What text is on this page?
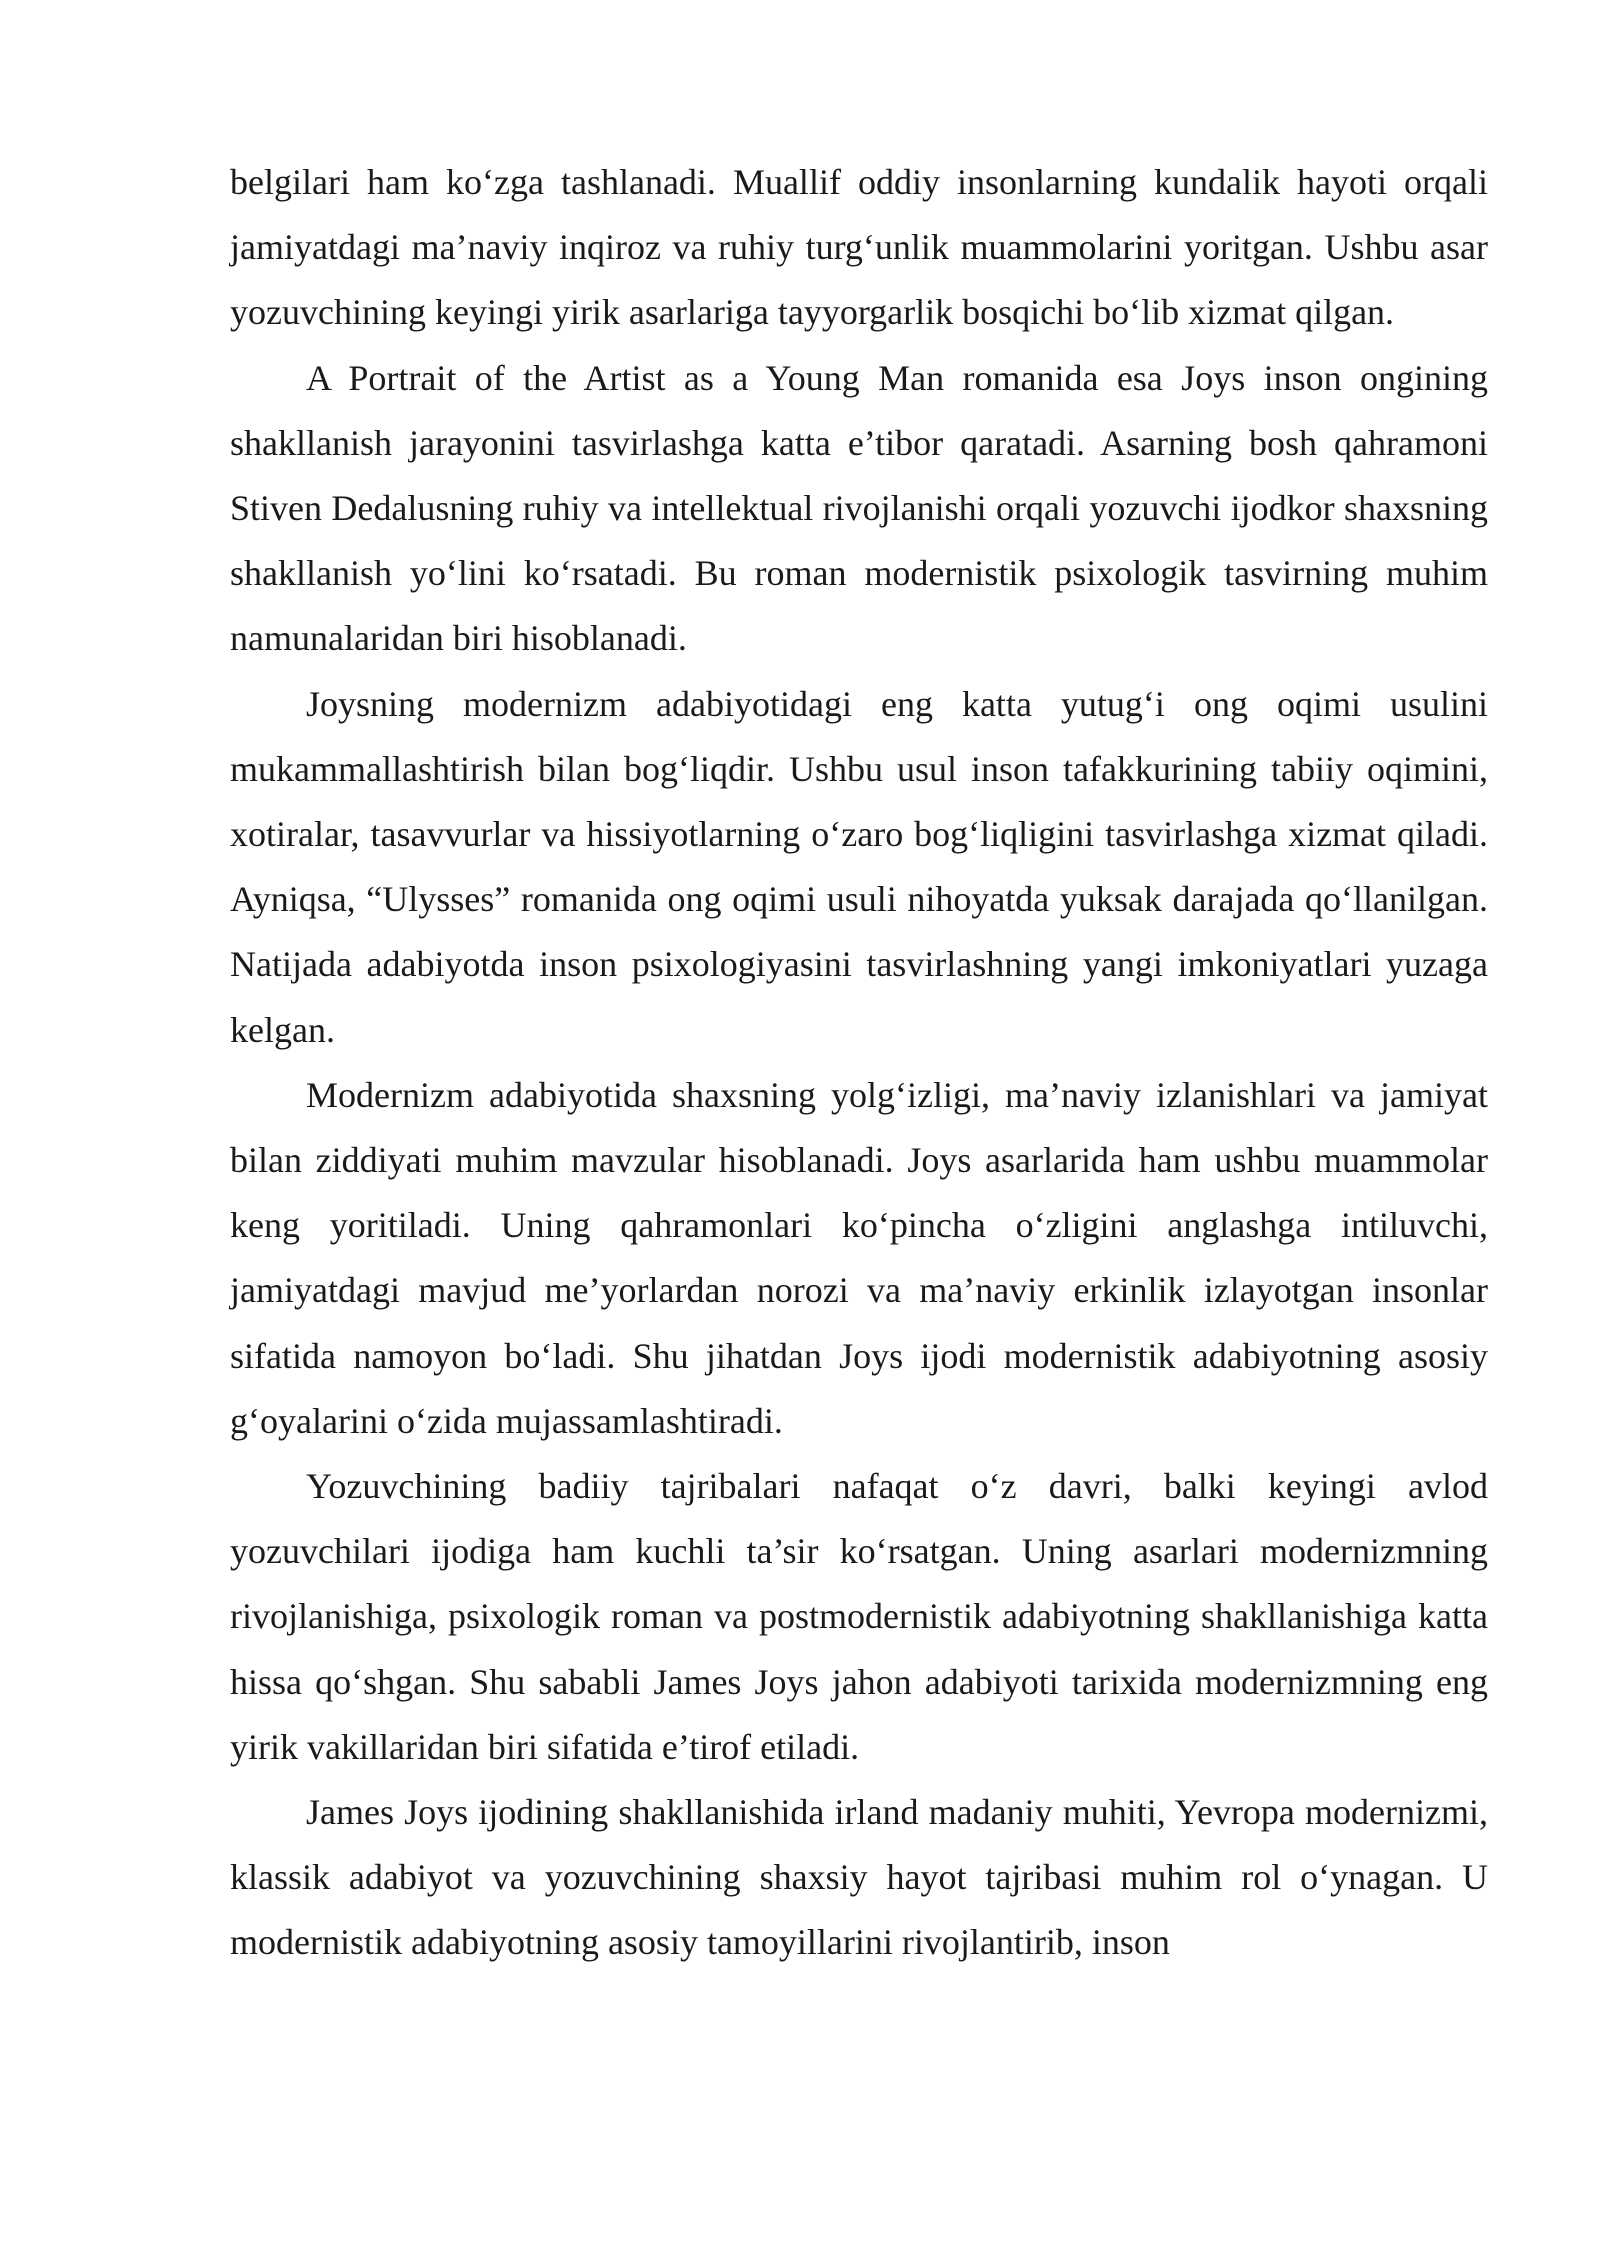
belgilari ham ko‘zga tashlanadi. Muallif oddiy insonlarning kundalik hayoti orqali jamiyatdagi ma’naviy inqiroz va ruhiy turg‘unlik muammolarini yoritgan. Ushbu asar yozuvchining keyingi yirik asarlariga tayyorgarlik bosqichi bo‘lib xizmat qilgan.

A Portrait of the Artist as a Young Man romanida esa Joys inson ongining shakllanish jarayonini tasvirlashga katta e’tibor qaratadi. Asarning bosh qahramoni Stiven Dedalusning ruhiy va intellektual rivojlanishi orqali yozuvchi ijodkor shaxsning shakllanish yo‘lini ko‘rsatadi. Bu roman modernistik psixologik tasvirning muhim namunalaridan biri hisoblanadi.

Joysning modernizm adabiyotidagi eng katta yutug‘i ong oqimi usulini mukammallashtirish bilan bog‘liqdir. Ushbu usul inson tafakkurining tabiiy oqimini, xotiralar, tasavvurlar va hissiyotlarning o‘zaro bog‘liqligini tasvirlashga xizmat qiladi. Ayniqsa, “Ulysses” romanida ong oqimi usuli nihoyatda yuksak darajada qo‘llanilgan. Natijada adabiyotda inson psixologiyasini tasvirlashning yangi imkoniyatlari yuzaga kelgan.

Modernizm adabiyotida shaxsning yolg‘izligi, ma’naviy izlanishlari va jamiyat bilan ziddiyati muhim mavzular hisoblanadi. Joys asarlarida ham ushbu muammolar keng yoritiladi. Uning qahramonlari ko‘pincha o‘zligini anglashga intiluvchi, jamiyatdagi mavjud me’yorlardan norozi va ma’naviy erkinlik izlayotgan insonlar sifatida namoyon bo‘ladi. Shu jihatdan Joys ijodi modernistik adabiyotning asosiy g‘oyalarini o‘zida mujassamlashtiradi.

Yozuvchining badiiy tajribalari nafaqat o‘z davri, balki keyingi avlod yozuvchilari ijodiga ham kuchli ta’sir ko‘rsatgan. Uning asarlari modernizmning rivojlanishiga, psixologik roman va postmodernistik adabiyotning shakllanishiga katta hissa qo‘shgan. Shu sababli James Joys jahon adabiyoti tarixida modernizmning eng yirik vakillaridan biri sifatida e’tirof etiladi.

James Joys ijodining shakllanishida irland madaniy muhiti, Yevropa modernizmi, klassik adabiyot va yozuvchining shaxsiy hayot tajribasi muhim rol o‘ynagan. U modernistik adabiyotning asosiy tamoyillarini rivojlantirib, inson
